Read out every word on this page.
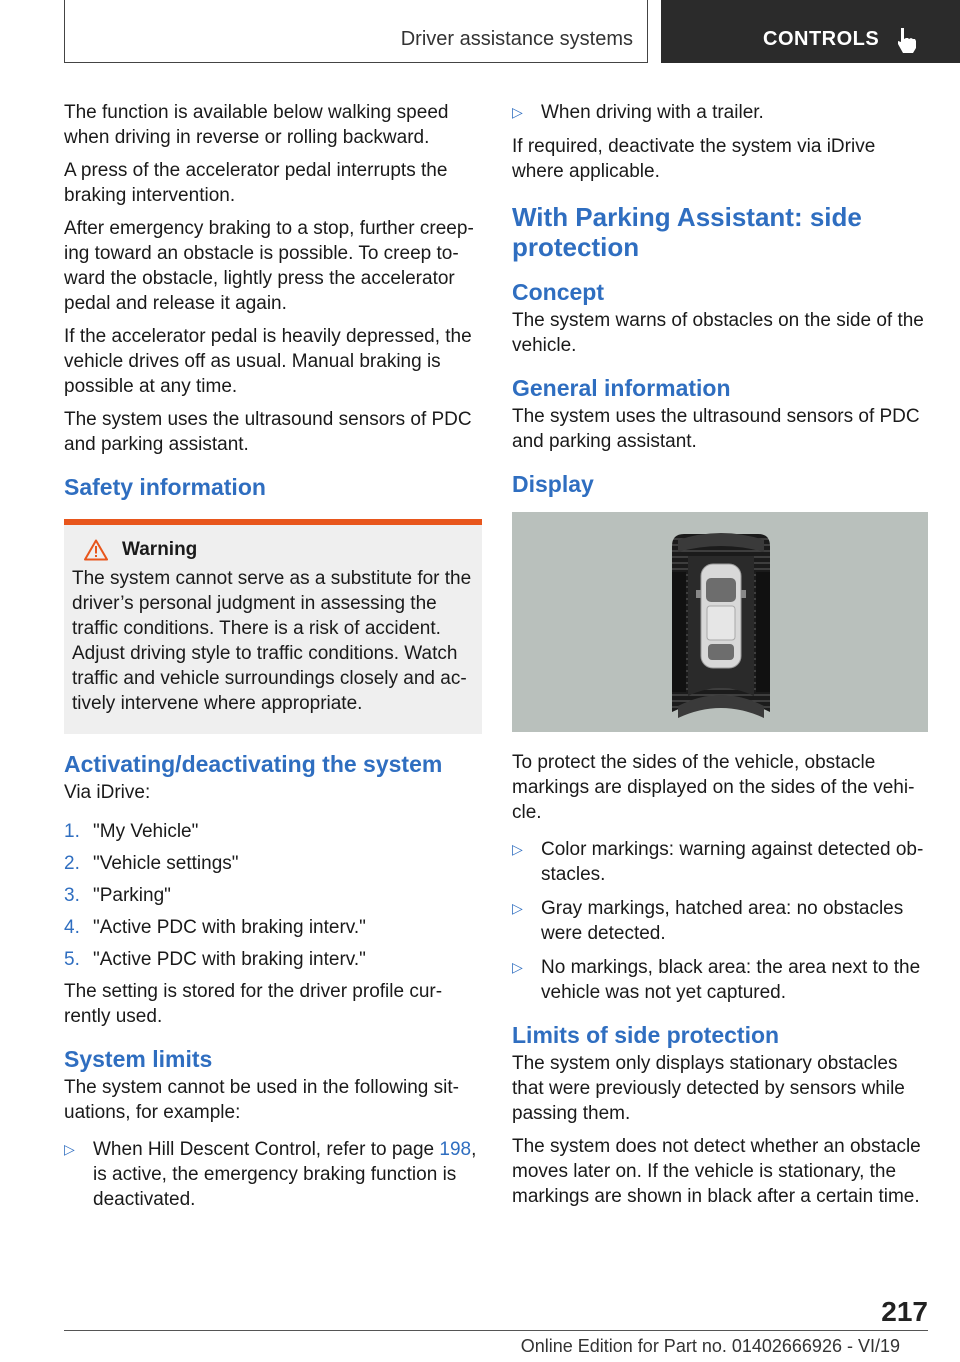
Driver assistance systems	CONTROLS

The function is available below walking speed when driving in reverse or rolling backward.

A press of the accelerator pedal interrupts the braking intervention.

After emergency braking to a stop, further creeping toward an obstacle is possible. To creep toward the obstacle, lightly press the accelerator pedal and release it again.

If the accelerator pedal is heavily depressed, the vehicle drives off as usual. Manual braking is possible at any time.

The system uses the ultrasound sensors of PDC and parking assistant.

Safety information
Warning

The system cannot serve as a substitute for the driver’s personal judgment in assessing the traffic conditions. There is a risk of accident. Adjust driving style to traffic conditions. Watch traffic and vehicle surroundings closely and actively intervene where appropriate.

Activating/deactivating the system

Via iDrive:

1. "My Vehicle"
2. "Vehicle settings"
3. "Parking"
4. "Active PDC with braking interv."
5. "Active PDC with braking interv."

The setting is stored for the driver profile currently used.

System limits

The system cannot be used in the following situations, for example:

▷ When Hill Descent Control, refer to page 198, is active, the emergency braking function is deactivated.
▷ When driving with a trailer.

If required, deactivate the system via iDrive where applicable.

With Parking Assistant: side protection
Concept

The system warns of obstacles on the side of the vehicle.

General information

The system uses the ultrasound sensors of PDC and parking assistant.

Display

To protect the sides of the vehicle, obstacle markings are displayed on the sides of the vehicle.

▷ Color markings: warning against detected obstacles.
▷ Gray markings, hatched area: no obstacles were detected.
▷ No markings, black area: the area next to the vehicle was not yet captured.
Limits of side protection

The system only displays stationary obstacles that were previously detected by sensors while passing them.

The system does not detect whether an obstacle moves later on. If the vehicle is stationary, the markings are shown in black after a certain time.

217
Online Edition for Part no. 01402666926 - VI/19
